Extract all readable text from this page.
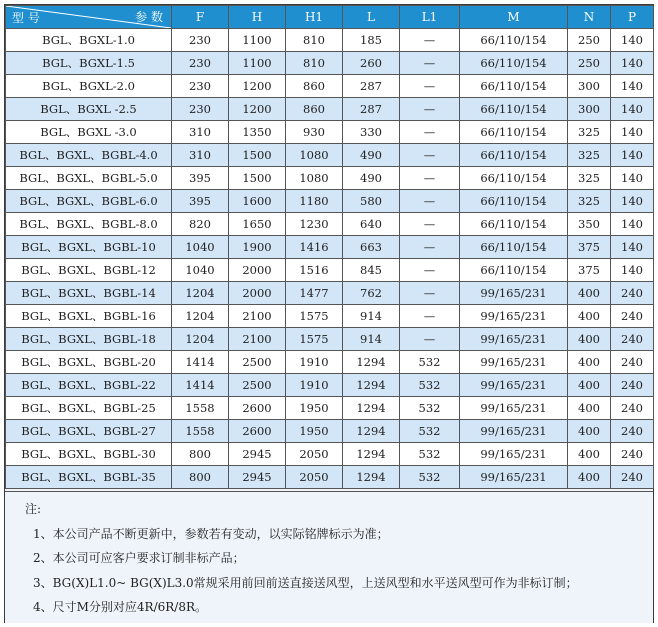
型 号 参 数	F	H	H1	L	L1	M	N	P
BGL、BGXL-1.0	230	1100	810	185	—	66/110/154	250	140
BGL、BGXL-1.5	230	1100	810	260	—	66/110/154	250	140
BGL、BGXL-2.0	230	1200	860	287	—	66/110/154	300	140
BGL、BGXL -2.5	230	1200	860	287	—	66/110/154	300	140
BGL、BGXL -3.0	310	1350	930	330	—	66/110/154	325	140
BGL、BGXL、BGBL-4.0	310	1500	1080	490	—	66/110/154	325	140
BGL、BGXL、BGBL-5.0	395	1500	1080	490	—	66/110/154	325	140
BGL、BGXL、BGBL-6.0	395	1600	1180	580	—	66/110/154	325	140
BGL、BGXL、BGBL-8.0	820	1650	1230	640	—	66/110/154	350	140
BGL、BGXL、BGBL-10	1040	1900	1416	663	—	66/110/154	375	140
BGL、BGXL、BGBL-12	1040	2000	1516	845	—	66/110/154	375	140
BGL、BGXL、BGBL-14	1204	2000	1477	762	—	99/165/231	400	240
BGL、BGXL、BGBL-16	1204	2100	1575	914	—	99/165/231	400	240
BGL、BGXL、BGBL-18	1204	2100	1575	914	—	99/165/231	400	240
BGL、BGXL、BGBL-20	1414	2500	1910	1294	532	99/165/231	400	240
BGL、BGXL、BGBL-22	1414	2500	1910	1294	532	99/165/231	400	240
BGL、BGXL、BGBL-25	1558	2600	1950	1294	532	99/165/231	400	240
BGL、BGXL、BGBL-27	1558	2600	1950	1294	532	99/165/231	400	240
BGL、BGXL、BGBL-30	800	2945	2050	1294	532	99/165/231	400	240
BGL、BGXL、BGBL-35	800	2945	2050	1294	532	99/165/231	400	240
注:
1、本公司产品不断更新中，参数若有变动，以实际铭牌标示为准；
2、本公司可应客户要求订制非标产品；
3、BG(X)L1.0~ BG(X)L3.0常规采用前回前送直接送风型，上送风型和水平送风型可作为非标订制；
4、尺寸M分别对应4R/6R/8R。
